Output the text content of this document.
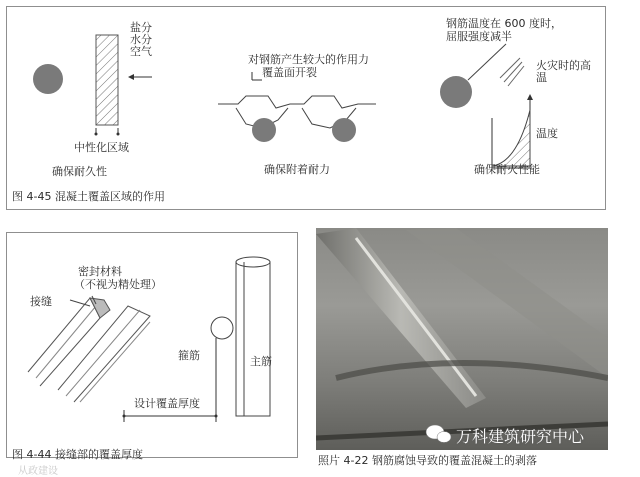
盐分
水分
空气
中性化区域
确保耐久性
对钢筋产生较大的作用力
覆盖面开裂
确保附着耐力
钢筋温度在 600 度时，
屈服强度减半
火灾时的高
温
温度
确保耐火性能
图 4-45 混凝土覆盖区域的作用
密封材料
（不视为精处理）
接缝
箍筋	主筋
设计覆盖厚度
图 4-44 接缝部的覆盖厚度
万科建筑研究中心
照片 4-22 钢筋腐蚀导致的覆盖混凝土的剥落
从政建设
